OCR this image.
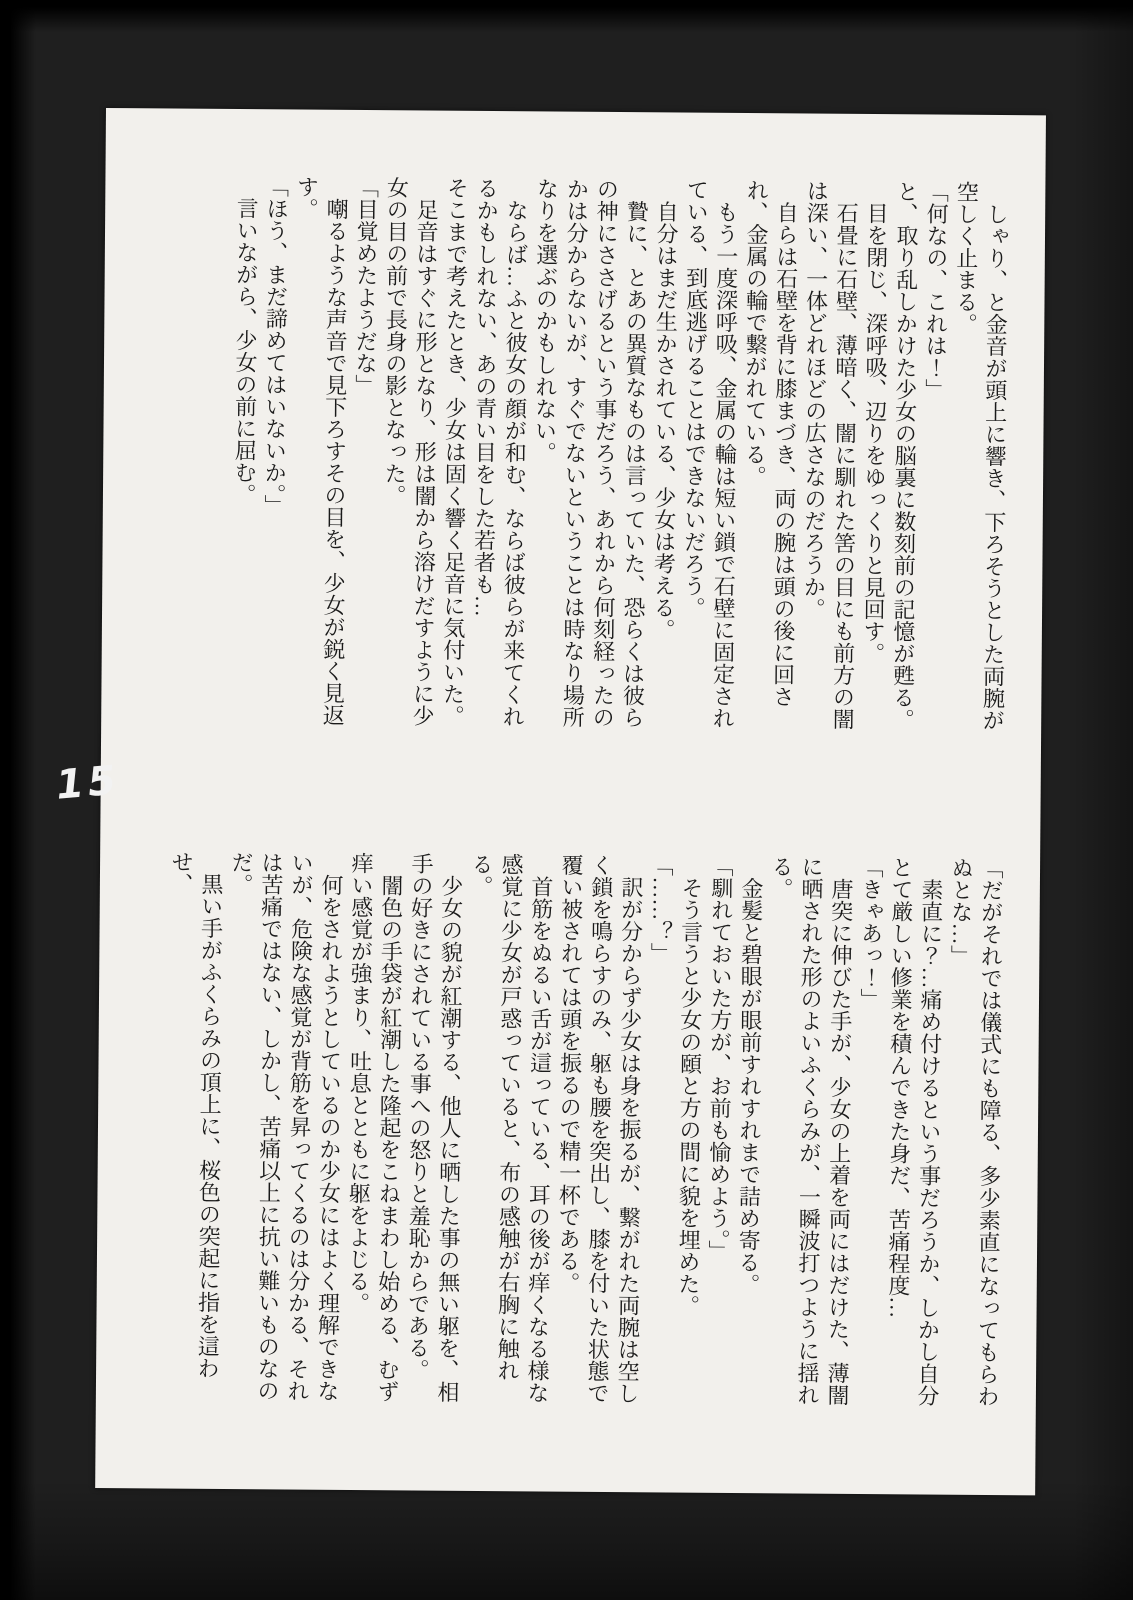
しゃり、と金音が頭上に響き、下ろそうとした両腕が空しく止まる。

「何なの、これは！」

と、取り乱しかけた少女の脳裏に数刻前の記憶が甦る。

目を閉じ、深呼吸、辺りをゆっくりと見回す。

石畳に石壁、薄暗く、闇に馴れた筈の目にも前方の闇は深い、一体どれほどの広さなのだろうか。

自らは石壁を背に膝まづき、両の腕は頭の後に回され、金属の輪で繋がれている。

もう一度深呼吸、金属の輪は短い鎖で石壁に固定されている、到底逃げることはできないだろう。

自分はまだ生かされている、少女は考える。

贄に、とあの異質なものは言っていた、恐らくは彼らの神にささげるという事だろう、あれから何刻経ったのかは分からないが、すぐでないということは時なり場所なりを選ぶのかもしれない。

ならば…ふと彼女の顔が和む、ならば彼らが来てくれるかもしれない、あの青い目をした若者も…

そこまで考えたとき、少女は固く響く足音に気付いた。

足音はすぐに形となり、形は闇から溶けだすように少女の目の前で長身の影となった。

「目覚めたようだな」

嘲るような声音で見下ろすその目を、少女が鋭く見返す。

「ほう、まだ諦めてはいないか。」

言いながら、少女の前に屈む。

「だがそれでは儀式にも障る、多少素直になってもらわぬとな…」

素直に？…痛め付けるという事だろうか、しかし自分とて厳しい修業を積んできた身だ、苦痛程度…

「きゃあっ！」

唐突に伸びた手が、少女の上着を両にはだけた、薄闇に晒された形のよいふくらみが、一瞬波打つように揺れる。

金髪と碧眼が眼前すれすれまで詰め寄る。

「馴れておいた方が、お前も愉めよう。」

そう言うと少女の頤と方の間に貌を埋めた。

「……？」

訳が分からず少女は身を振るが、繋がれた両腕は空しく鎖を鳴らすのみ、躯も腰を突出し、膝を付いた状態で覆い被されては頭を振るので精一杯である。

首筋をぬるい舌が這っている、耳の後が痒くなる様な感覚に少女が戸惑っていると、布の感触が右胸に触れる。

少女の貌が紅潮する、他人に晒した事の無い躯を、相手の好きにされている事への怒りと羞恥からである。

闇色の手袋が紅潮した隆起をこねまわし始める、むず痒い感覚が強まり、吐息とともに躯をよじる。

何をされようとしているのか少女にはよく理解できないが、危険な感覚が背筋を昇ってくるのは分かる、それは苦痛ではない、しかし、苦痛以上に抗い難いものなのだ。

黒い手がふくらみの頂上に、桜色の突起に指を這わせ、

15
